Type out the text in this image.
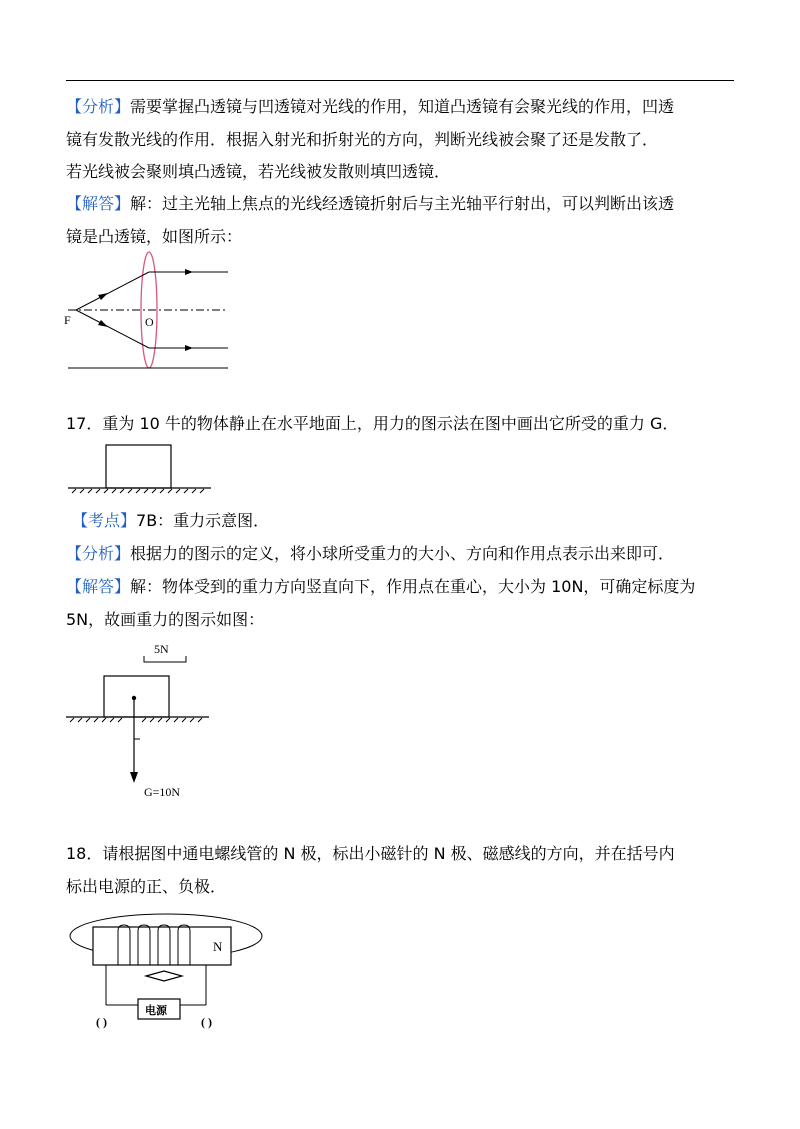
【分析】需要掌握凸透镜与凹透镜对光线的作用，知道凸透镜有会聚光线的作用，凹透
镜有发散光线的作用．根据入射光和折射光的方向，判断光线被会聚了还是发散了．
若光线被会聚则填凸透镜，若光线被发散则填凹透镜．
【解答】解：过主光轴上焦点的光线经透镜折射后与主光轴平行射出，可以判断出该透
镜是凸透镜，如图所示：
F	O
17．重为 10 牛的物体静止在水平地面上，用力的图示法在图中画出它所受的重力 G．
【考点】7B：重力示意图．
【分析】根据力的图示的定义，将小球所受重力的大小、方向和作用点表示出来即可．
【解答】解：物体受到的重力方向竖直向下，作用点在重心，大小为 10N，可确定标度为
5N，故画重力的图示如图：
5N
G=10N
18．请根据图中通电螺线管的 N 极，标出小磁针的 N 极、磁感线的方向，并在括号内
标出电源的正、负极．
N
电源
( )	( )
